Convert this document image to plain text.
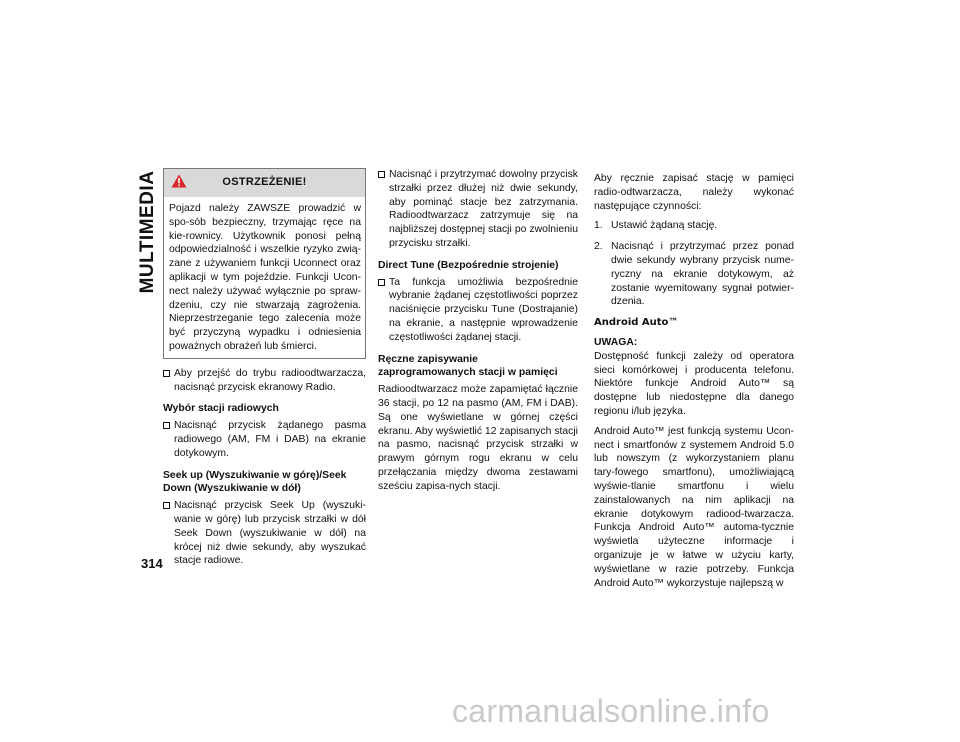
MULTIMEDIA
314
OSTRZEŻENIE!
Pojazd należy ZAWSZE prowadzić w spo-sób bezpieczny, trzymając ręce na kie-rownicy. Użytkownik ponosi pełną odpowiedzialność i wszelkie ryzyko zwią-zane z używaniem funkcji Uconnect oraz aplikacji w tym pojeździe. Funkcji Ucon-nect należy używać wyłącznie po spraw-dzeniu, czy nie stwarzają zagrożenia. Nieprzestrzeganie tego zalecenia może być przyczyną wypadku i odniesienia poważnych obrażeń lub śmierci.
Aby przejść do trybu radioodtwarzacza, nacisnąć przycisk ekranowy Radio.
Wybór stacji radiowych
Nacisnąć przycisk żądanego pasma radiowego (AM, FM i DAB) na ekranie dotykowym.
Seek up (Wyszukiwanie w górę)/Seek Down (Wyszukiwanie w dół)
Nacisnąć przycisk Seek Up (wyszuki-wanie w górę) lub przycisk strzałki w dół Seek Down (wyszukiwanie w dół) na krócej niż dwie sekundy, aby wyszukać stacje radiowe.
Nacisnąć i przytrzymać dowolny przycisk strzałki przez dłużej niż dwie sekundy, aby pominąć stacje bez zatrzymania. Radioodtwarzacz zatrzymuje się na najbliższej dostępnej stacji po zwolnieniu przycisku strzałki.
Direct Tune (Bezpośrednie strojenie)
Ta funkcja umożliwia bezpośrednie wybranie żądanej częstotliwości poprzez naciśnięcie przycisku Tune (Dostrajanie) na ekranie, a następnie wprowadzenie częstotliwości żądanej stacji.
Ręczne zapisywanie zaprogramowanych stacji w pamięci

Radioodtwarzacz może zapamiętać łącznie 36 stacji, po 12 na pasmo (AM, FM i DAB). Są one wyświetlane w górnej części ekranu. Aby wyświetlić 12 zapisanych stacji na pasmo, nacisnąć przycisk strzałki w prawym górnym rogu ekranu w celu przełączania między dwoma zestawami sześciu zapisa-nych stacji.

Aby ręcznie zapisać stację w pamięci radio-odtwarzacza, należy wykonać następujące czynności:

1. Ustawić żądaną stację.
2. Nacisnąć i przytrzymać przez ponad dwie sekundy wybrany przycisk nume-ryczny na ekranie dotykowym, aż zostanie wyemitowany sygnał potwier-dzenia.
Android Auto™
UWAGA:

Dostępność funkcji zależy od operatora sieci komórkowej i producenta telefonu. Niektóre funkcje Android Auto™ są dostępne lub niedostępne dla danego regionu i/lub języka.

Android Auto™ jest funkcją systemu Ucon-nect i smartfonów z systemem Android 5.0 lub nowszym (z wykorzystaniem planu tary-fowego smartfonu), umożliwiającą wyświe-tlanie smartfonu i wielu zainstalowanych na nim aplikacji na ekranie dotykowym radiood-twarzacza. Funkcja Android Auto™ automa-tycznie wyświetla użyteczne informacje i organizuje je w łatwe w użyciu karty, wyświetlane w razie potrzeby. Funkcja Android Auto™ wykorzystuje najlepszą w

carmanualsonline.info
